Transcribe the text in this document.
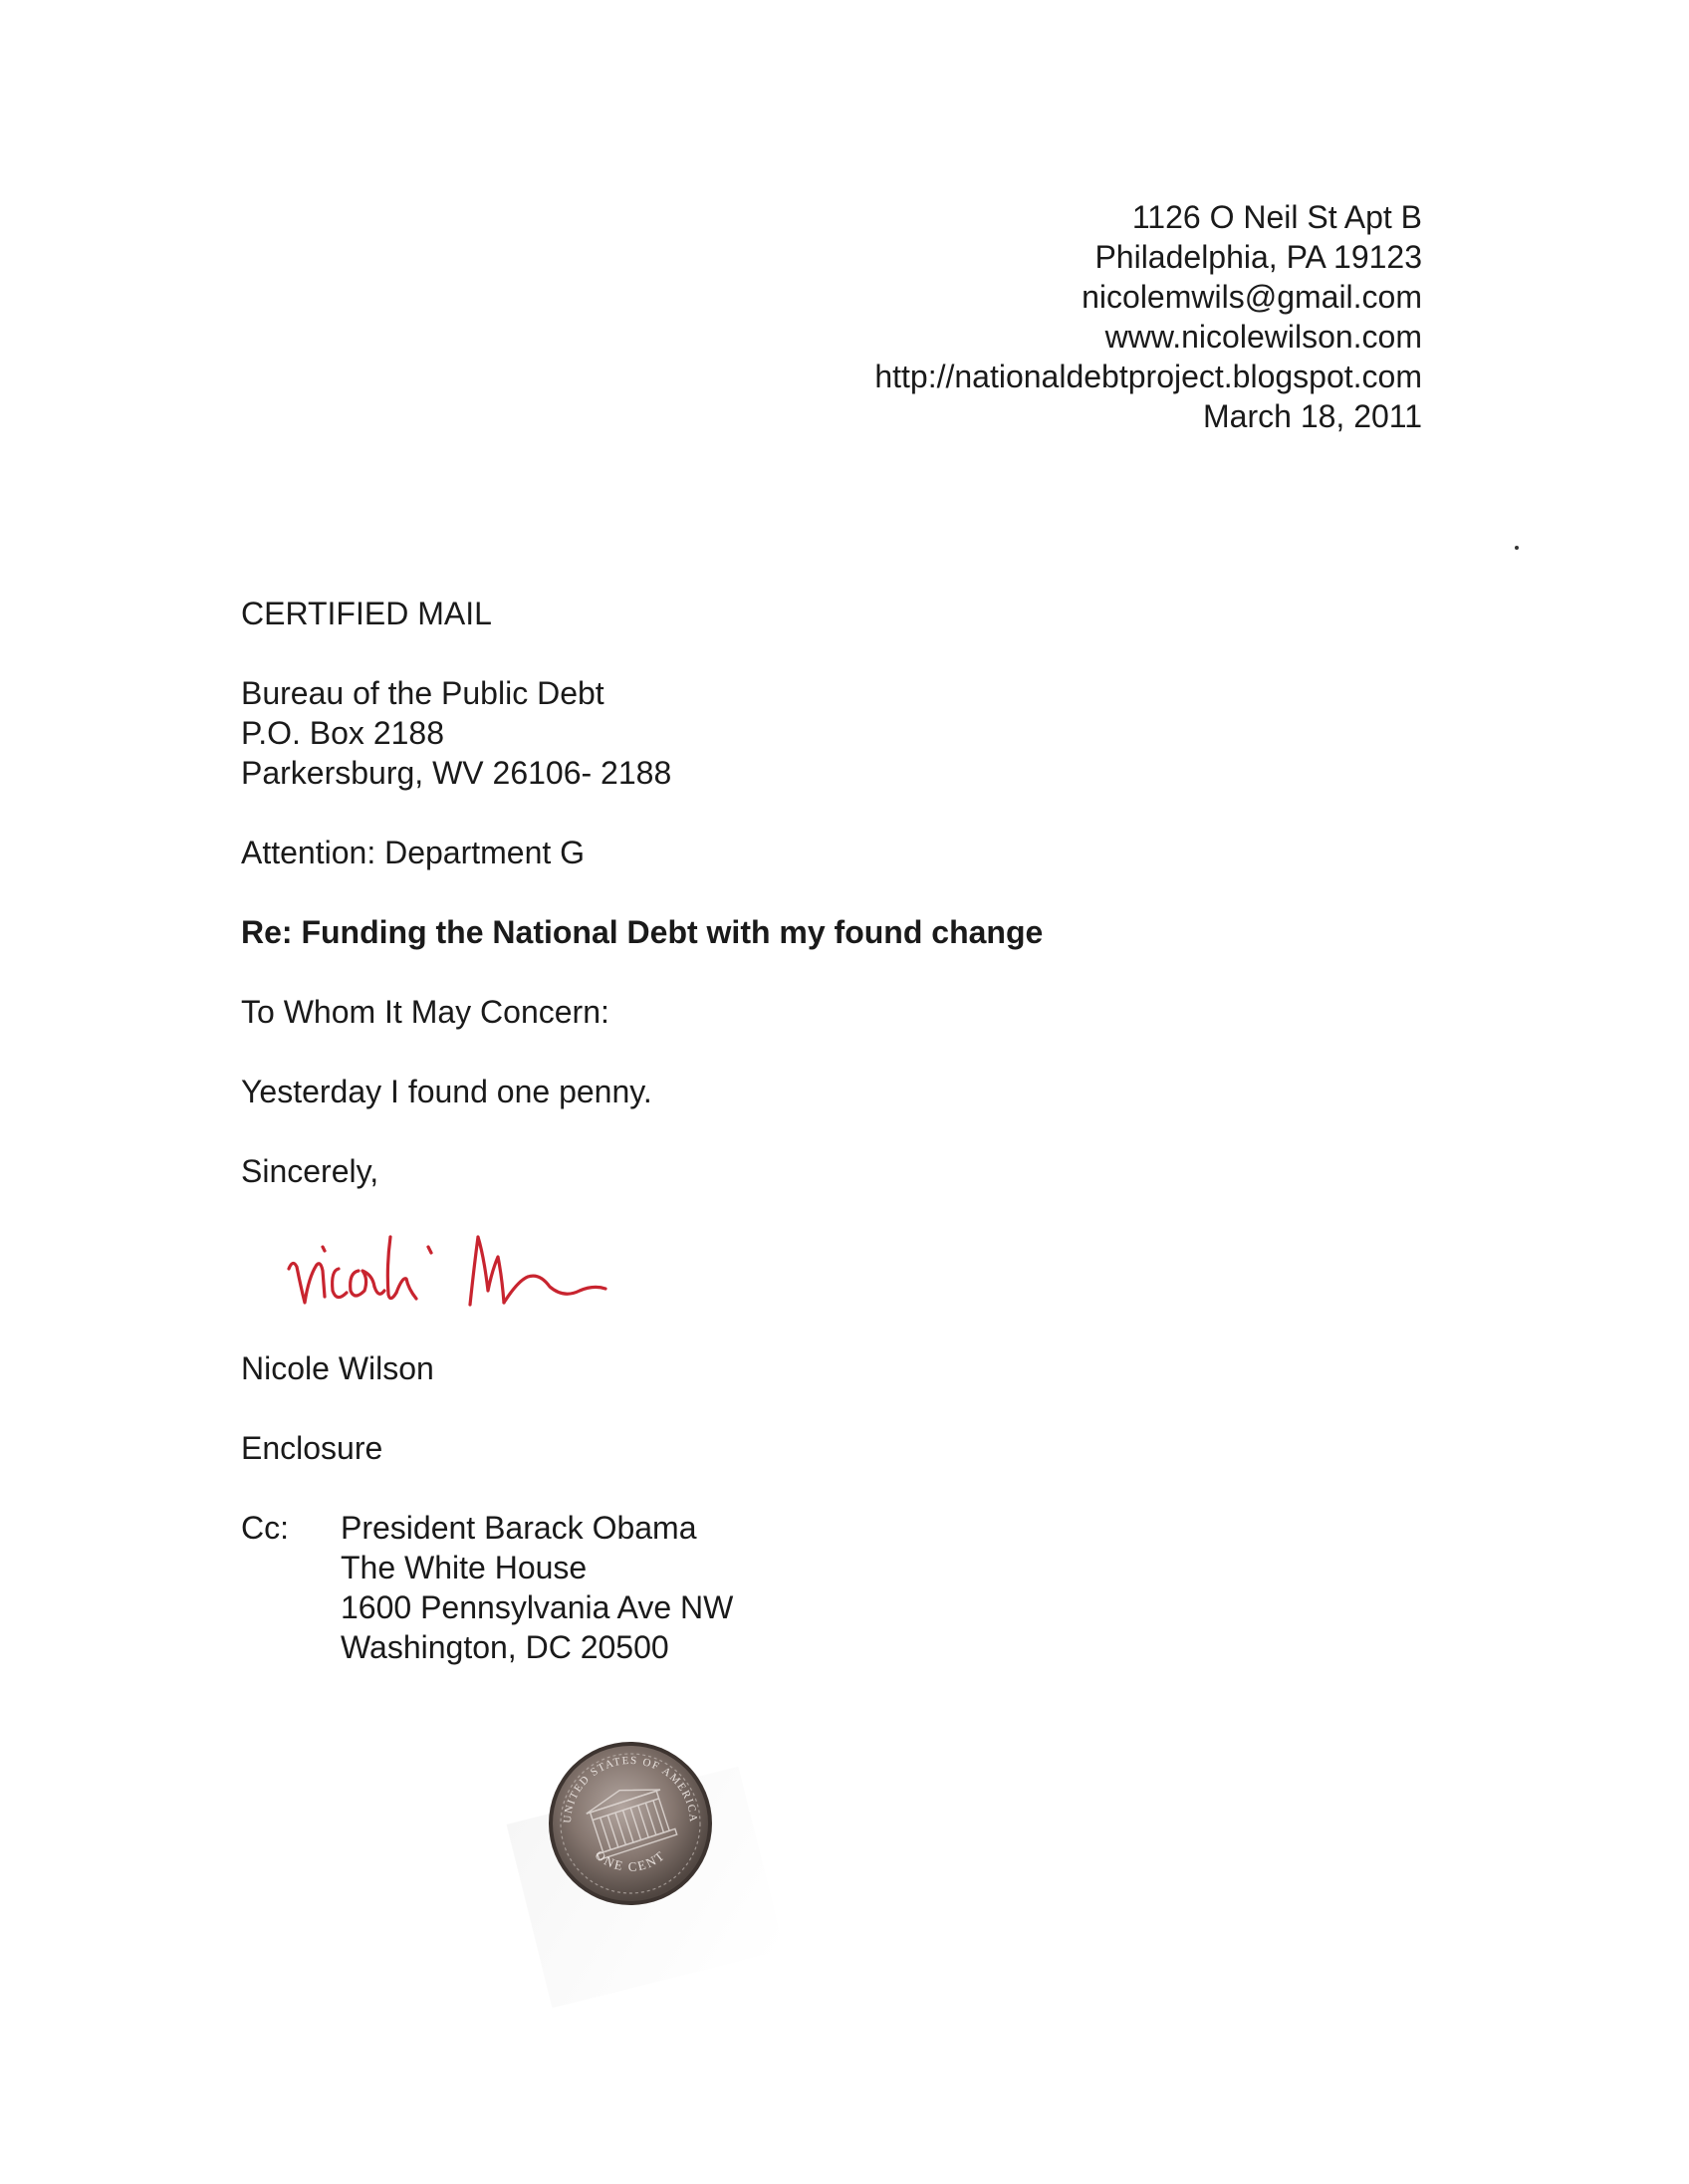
1126 O Neil St Apt B
Philadelphia, PA 19123
nicolemwils@gmail.com
www.nicolewilson.com
http://nationaldebtproject.blogspot.com
March 18, 2011
CERTIFIED MAIL
Bureau of the Public Debt
P.O. Box 2188
Parkersburg, WV 26106- 2188
Attention: Department G
Re: Funding the National Debt with my found change
To Whom It May Concern:
Yesterday I found one penny.
Sincerely,
Nicole Wilson
Enclosure
Cc:	President Barack Obama
The White House
1600 Pennsylvania Ave NW
Washington, DC 20500
UNITED STATES OF AMERICA
ONE CENT
